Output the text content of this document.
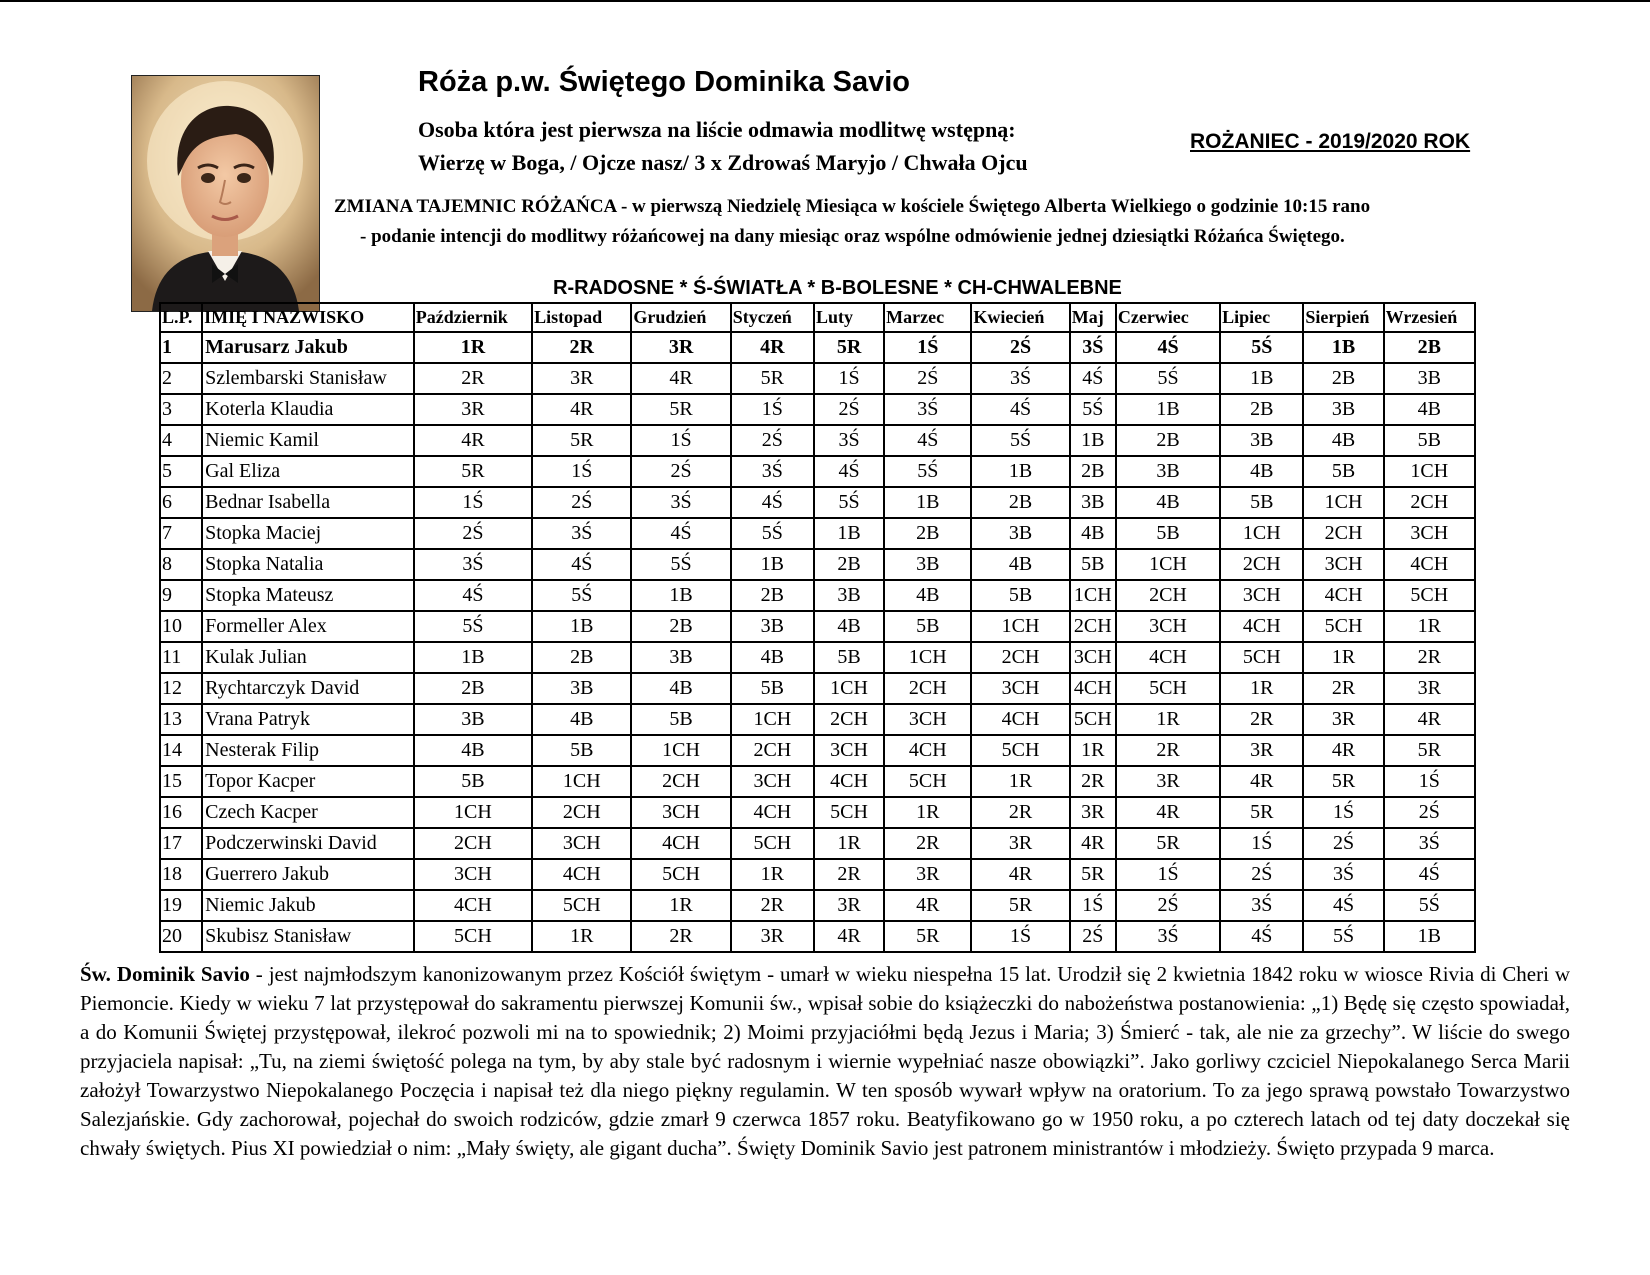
Róża p.w. Świętego Dominika Savio
Osoba która jest pierwsza na liście odmawia modlitwę wstępną:
Wierzę w Boga, / Ojcze nasz/ 3 x Zdrowaś Maryjo / Chwała Ojcu
ROŻANIEC - 2019/2020 ROK
ZMIANA TAJEMNIC RÓŻAŃCA - w pierwszą Niedzielę Miesiąca w kościele Świętego Alberta Wielkiego o godzinie 10:15 rano
- podanie intencji do modlitwy różańcowej na dany miesiąc oraz wspólne odmówienie jednej dziesiątki Różańca Świętego.
R-RADOSNE * Ś-ŚWIATŁA * B-BOLESNE * CH-CHWALEBNE
L.P.	IMIĘ I NAZWISKO	Październik	Listopad	Grudzień	Styczeń	Luty	Marzec	Kwiecień	Maj	Czerwiec	Lipiec	Sierpień	Wrzesień
1	Marusarz Jakub	1R	2R	3R	4R	5R	1Ś	2Ś	3Ś	4Ś	5Ś	1B	2B
2	Szlembarski Stanisław	2R	3R	4R	5R	1Ś	2Ś	3Ś	4Ś	5Ś	1B	2B	3B
3	Koterla Klaudia	3R	4R	5R	1Ś	2Ś	3Ś	4Ś	5Ś	1B	2B	3B	4B
4	Niemic Kamil	4R	5R	1Ś	2Ś	3Ś	4Ś	5Ś	1B	2B	3B	4B	5B
5	Gal Eliza	5R	1Ś	2Ś	3Ś	4Ś	5Ś	1B	2B	3B	4B	5B	1CH
6	Bednar Isabella	1Ś	2Ś	3Ś	4Ś	5Ś	1B	2B	3B	4B	5B	1CH	2CH
7	Stopka Maciej	2Ś	3Ś	4Ś	5Ś	1B	2B	3B	4B	5B	1CH	2CH	3CH
8	Stopka Natalia	3Ś	4Ś	5Ś	1B	2B	3B	4B	5B	1CH	2CH	3CH	4CH
9	Stopka Mateusz	4Ś	5Ś	1B	2B	3B	4B	5B	1CH	2CH	3CH	4CH	5CH
10	Formeller Alex	5Ś	1B	2B	3B	4B	5B	1CH	2CH	3CH	4CH	5CH	1R
11	Kulak Julian	1B	2B	3B	4B	5B	1CH	2CH	3CH	4CH	5CH	1R	2R
12	Rychtarczyk David	2B	3B	4B	5B	1CH	2CH	3CH	4CH	5CH	1R	2R	3R
13	Vrana Patryk	3B	4B	5B	1CH	2CH	3CH	4CH	5CH	1R	2R	3R	4R
14	Nesterak Filip	4B	5B	1CH	2CH	3CH	4CH	5CH	1R	2R	3R	4R	5R
15	Topor Kacper	5B	1CH	2CH	3CH	4CH	5CH	1R	2R	3R	4R	5R	1Ś
16	Czech Kacper	1CH	2CH	3CH	4CH	5CH	1R	2R	3R	4R	5R	1Ś	2Ś
17	Podczerwinski David	2CH	3CH	4CH	5CH	1R	2R	3R	4R	5R	1Ś	2Ś	3Ś
18	Guerrero Jakub	3CH	4CH	5CH	1R	2R	3R	4R	5R	1Ś	2Ś	3Ś	4Ś
19	Niemic Jakub	4CH	5CH	1R	2R	3R	4R	5R	1Ś	2Ś	3Ś	4Ś	5Ś
20	Skubisz Stanisław	5CH	1R	2R	3R	4R	5R	1Ś	2Ś	3Ś	4Ś	5Ś	1B
Św. Dominik Savio - jest najmłodszym kanonizowanym przez Kościół świętym - umarł w wieku niespełna 15 lat. Urodził się 2 kwietnia 1842 roku w wiosce Rivia di Cheri w Piemoncie. Kiedy w wieku 7 lat przystępował do sakramentu pierwszej Komunii św., wpisał sobie do książeczki do nabożeństwa postanowienia: „1) Będę się często spowiadał, a do Komunii Świętej przystępował, ilekroć pozwoli mi na to spowiednik; 2) Moimi przyjaciółmi będą Jezus i Maria; 3) Śmierć - tak, ale nie za grzechy”. W liście do swego przyjaciela napisał: „Tu, na ziemi świętość polega na tym, by aby stale być radosnym i wiernie wypełniać nasze obowiązki”. Jako gorliwy czciciel Niepokalanego Serca Marii założył Towarzystwo Niepokalanego Poczęcia i napisał też dla niego piękny regulamin. W ten sposób wywarł wpływ na oratorium. To za jego sprawą powstało Towarzystwo Salezjańskie. Gdy zachorował, pojechał do swoich rodziców, gdzie zmarł 9 czerwca 1857 roku. Beatyfikowano go w 1950 roku, a po czterech latach od tej daty doczekał się chwały świętych. Pius XI powiedział o nim: „Mały święty, ale gigant ducha”. Święty Dominik Savio jest patronem ministrantów i młodzieży. Święto przypada 9 marca.
